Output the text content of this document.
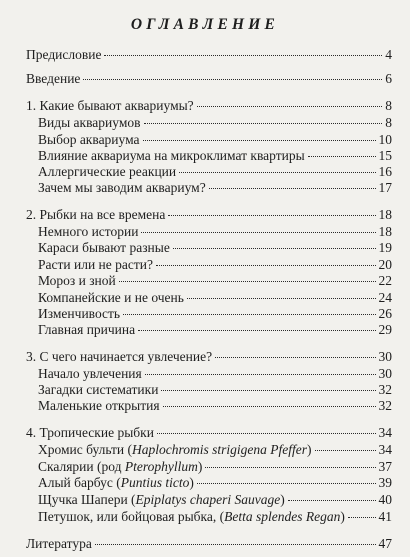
ОГЛАВЛЕНИЕ
Предисловие	4
Введение	6
1. Какие бывают аквариумы?	8
Виды аквариумов	8
Выбор аквариума	10
Влияние аквариума на микроклимат квартиры	15
Аллергические реакции	16
Зачем мы заводим аквариум?	17
2. Рыбки на все времена	18
Немного истории	18
Караси бывают разные	19
Расти или не расти?	20
Мороз и зной	22
Компанейские и не очень	24
Изменчивость	26
Главная причина	29
3. С чего начинается увлечение?	30
Начало увлечения	30
Загадки систематики	32
Маленькие открытия	32
4. Тропические рыбки	34
Хромис бульти (Haplochromis strigigena Pfeffer)	34
Скалярии (род Pterophyllum)	37
Алый барбус (Puntius ticto)	39
Щучка Шапери (Epiplatys chaperi Sauvage)	40
Петушок, или бойцовая рыбка, (Betta splendes Regan) 41
Литература	47
